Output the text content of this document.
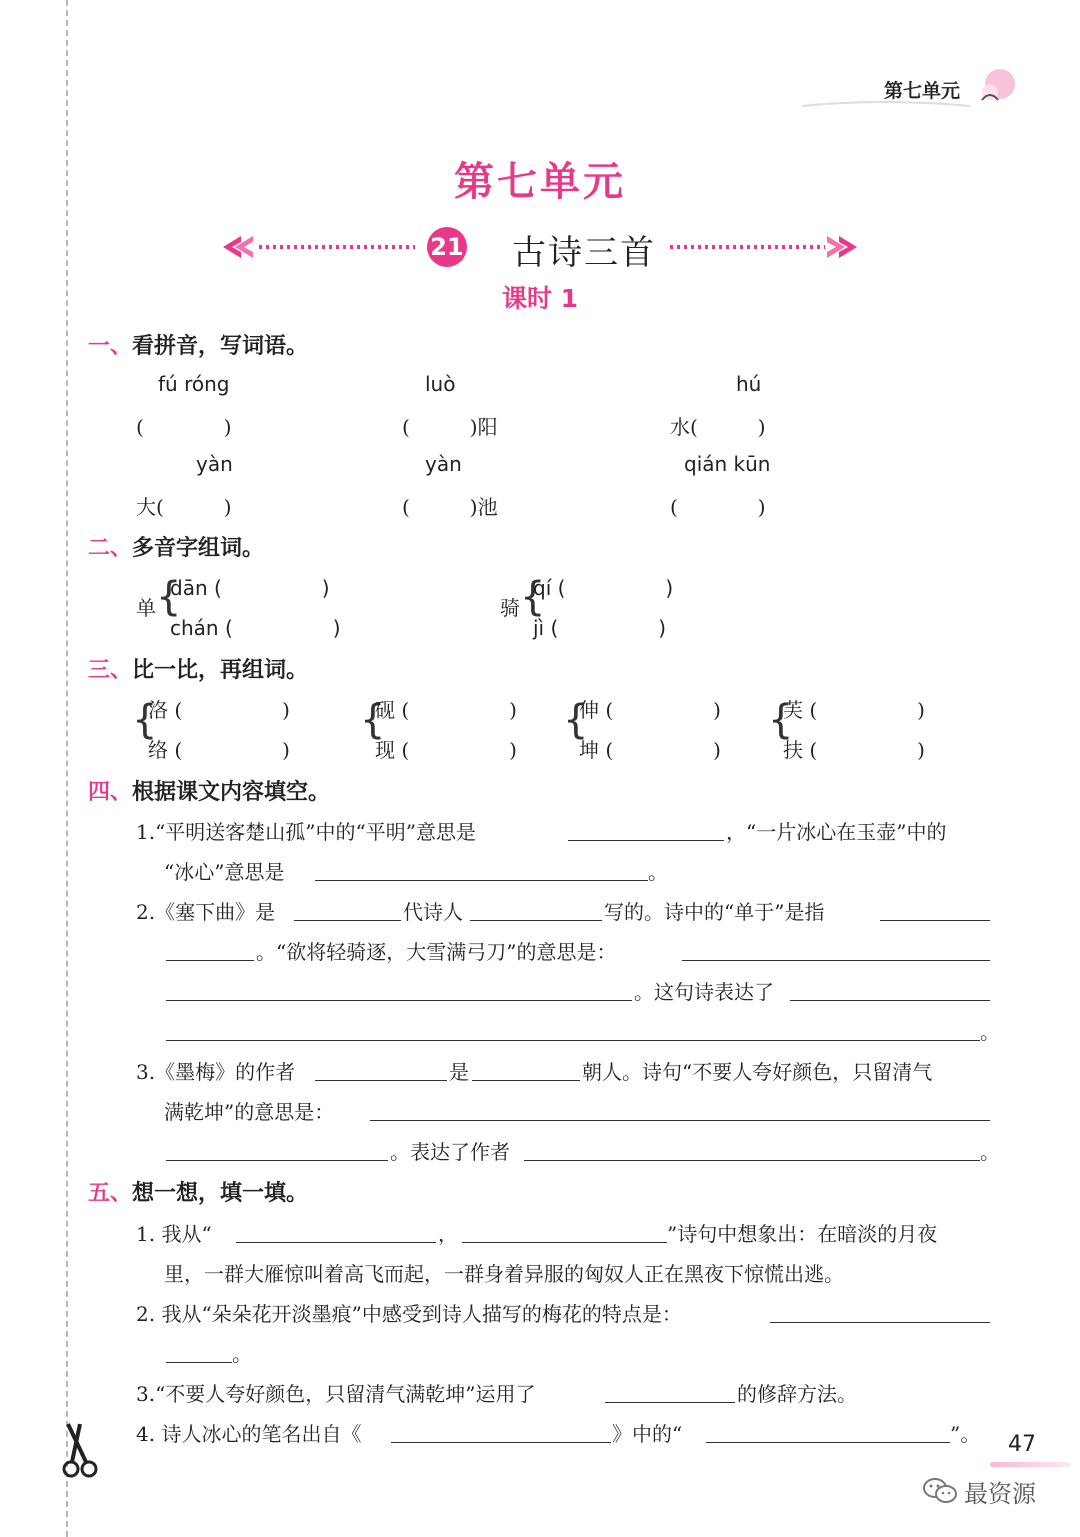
第七单元
第七单元
21 古诗三首
课时 1
一、看拼音，写词语。
fú róng	luò	hú
(　　　　)	(　　　)阳	水(　　　)
yàn	yàn	qián kūn
大(　　　)	(　　　)池	(　　　　)
二、多音字组词。
单 {
dān (　　　　　)
chán (　　　　　)
骑 {
qí (　　　　　)
jì (　　　　　)
三、比一比，再组词。
{
洛 (　　　　　)
络 (　　　　　)
{
砚 (　　　　　)
现 (　　　　　)
{
伸 (　　　　　)
坤 (　　　　　)
{
芙 (　　　　　)
扶 (　　　　　)
四、根据课文内容填空。
1.“平明送客楚山孤”中的“平明”意思是	，“一片冰心在玉壶”中的
“冰心”意思是	。
2.《塞下曲》是	代诗人	写的。诗中的“单于”是指
。“欲将轻骑逐，大雪满弓刀”的意思是：
。这句诗表达了
。
3.《墨梅》的作者	是	朝人。诗句“不要人夸好颜色，只留清气
满乾坤”的意思是：
。表达了作者	。
五、想一想，填一填。
1. 我从“	，	”诗句中想象出：在暗淡的月夜
里，一群大雁惊叫着高飞而起，一群身着异服的匈奴人正在黑夜下惊慌出逃。
2. 我从“朵朵花开淡墨痕”中感受到诗人描写的梅花的特点是：
。
3.“不要人夸好颜色，只留清气满乾坤”运用了	的修辞方法。
4. 诗人冰心的笔名出自《	》中的“	”。 47
最资源
